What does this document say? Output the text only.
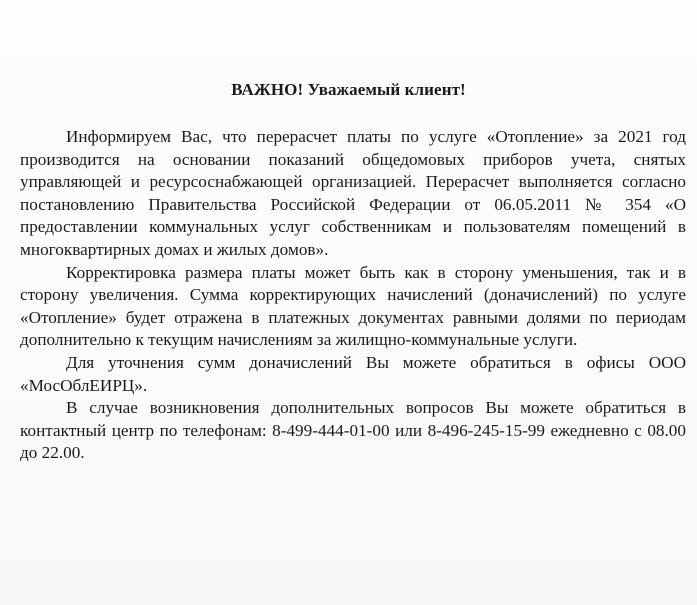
ВАЖНО! Уважаемый клиент!

Информируем Вас, что перерасчет платы по услуге «Отопление» за 2021 год производится на основании показаний общедомовых приборов учета, снятых управляющей и ресурсоснабжающей организацией. Перерасчет выполняется согласно постановлению Правительства Российской Федерации от 06.05.2011 № 354 «О предоставлении коммунальных услуг собственникам и пользователям помещений в многоквартирных домах и жилых домов».

Корректировка размера платы может быть как в сторону уменьшения, так и в сторону увеличения. Сумма корректирующих начислений (доначислений) по услуге «Отопление» будет отражена в платежных документах равными долями по периодам дополнительно к текущим начислениям за жилищно-коммунальные услуги.

Для уточнения сумм доначислений Вы можете обратиться в офисы ООО «МосОблЕИРЦ».

В случае возникновения дополнительных вопросов Вы можете обратиться в контактный центр по телефонам: 8-499-444-01-00 или 8-496-245-15-99 ежедневно с 08.00 до 22.00.
